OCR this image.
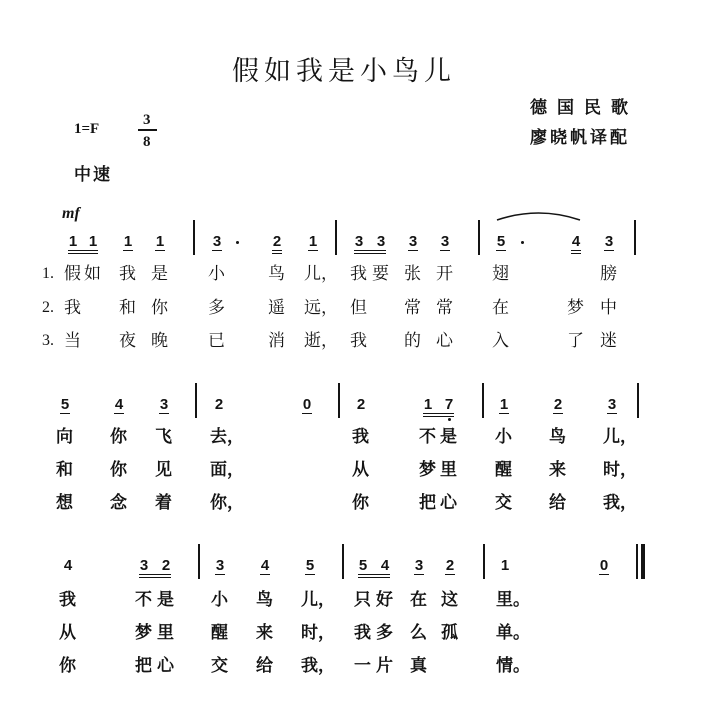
假如我是小鸟儿
德国民歌
廖晓帆译配
1=F
3
8
中速
mf
1.
2.
3.
1 1	1	1	3	2	1	3 3	3	3	5	4	3
假 如 我 是 小	鸟 儿， 我 要 张 开 翅	膀
我 和 你 多	遥 远， 但 常 常 在	梦 中
当 夜 晚 已	消 逝， 我 的 心 入	了 迷
5	4	3	2	0	2	1 7	1	2	3
向 你 飞 去，	我	不 是 小 鸟 儿，
和 你 见 面，	从	梦 里 醒 来 时，
想 念 着 你，	你	把 心 交 给 我，
4	3 2	3	4	5	5 4	3	2	1	0
我	不 是 小 鸟 儿， 只 好 在 这 里。
从	梦 里 醒 来 时， 我 多 么 孤 单。
你	把 心 交 给 我， 一 片 真	情。
